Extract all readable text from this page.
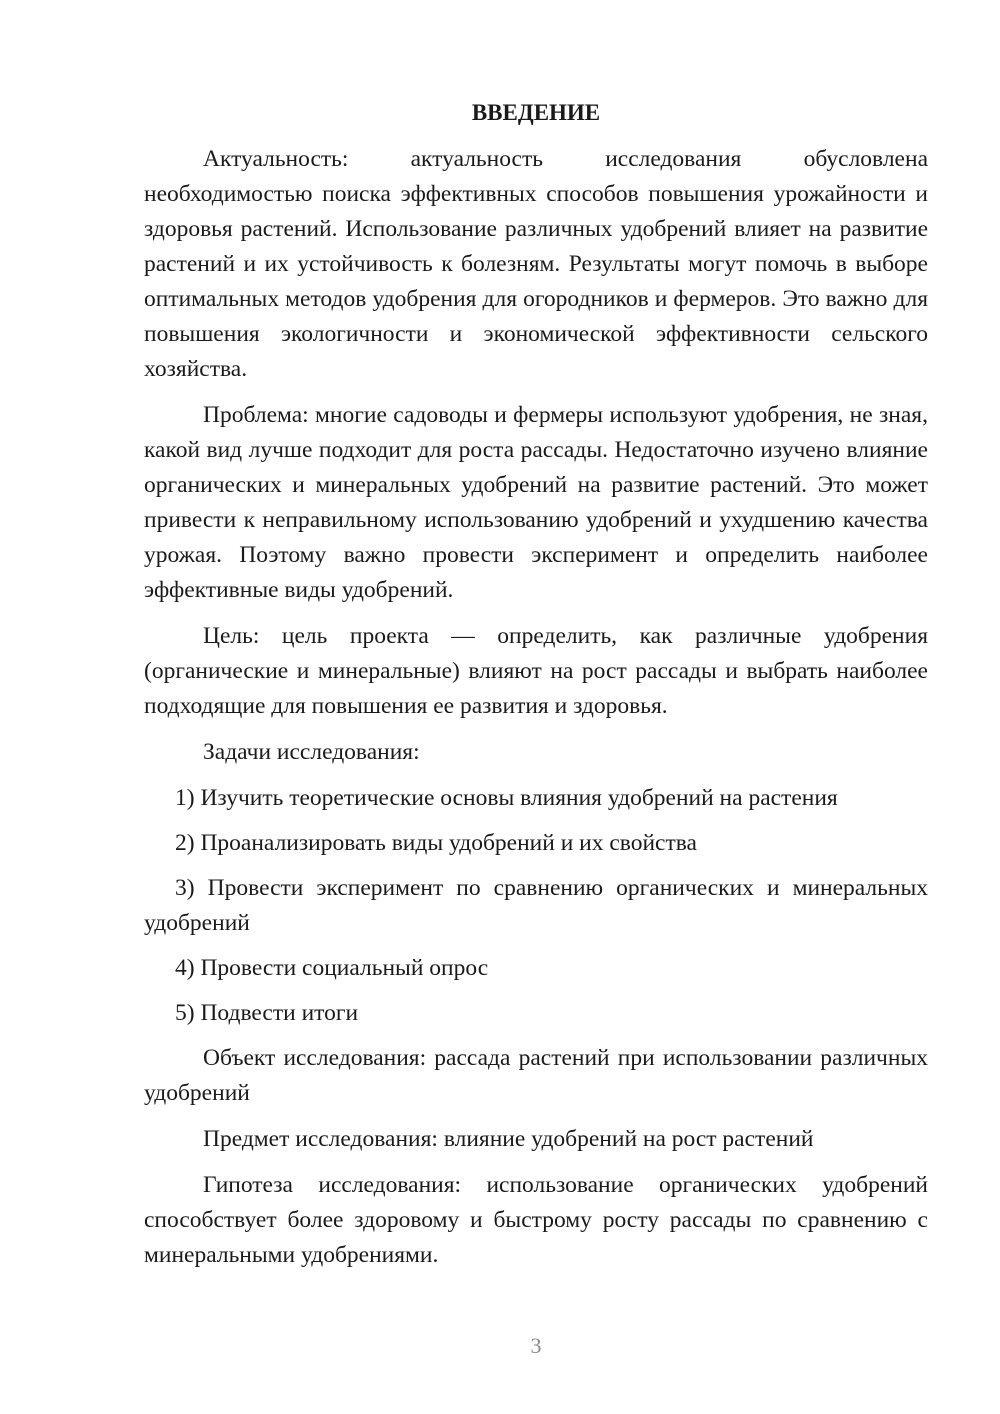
ВВЕДЕНИЕ

Актуальность: актуальность исследования обусловлена необходимостью поиска эффективных способов повышения урожайности и здоровья растений. Использование различных удобрений влияет на развитие растений и их устойчивость к болезням. Результаты могут помочь в выборе оптимальных методов удобрения для огородников и фермеров. Это важно для повышения экологичности и экономической эффективности сельского хозяйства.

Проблема: многие садоводы и фермеры используют удобрения, не зная, какой вид лучше подходит для роста рассады. Недостаточно изучено влияние органических и минеральных удобрений на развитие растений. Это может привести к неправильному использованию удобрений и ухудшению качества урожая. Поэтому важно провести эксперимент и определить наиболее эффективные виды удобрений.

Цель: цель проекта — определить, как различные удобрения (органические и минеральные) влияют на рост рассады и выбрать наиболее подходящие для повышения ее развития и здоровья.

Задачи исследования:

1) Изучить теоретические основы влияния удобрений на растения

2) Проанализировать виды удобрений и их свойства

3) Провести эксперимент по сравнению органических и минеральных удобрений

4) Провести социальный опрос

5) Подвести итоги

Объект исследования: рассада растений при использовании различных удобрений

Предмет исследования: влияние удобрений на рост растений

Гипотеза исследования: использование органических удобрений способствует более здоровому и быстрому росту рассады по сравнению с минеральными удобрениями.

3
